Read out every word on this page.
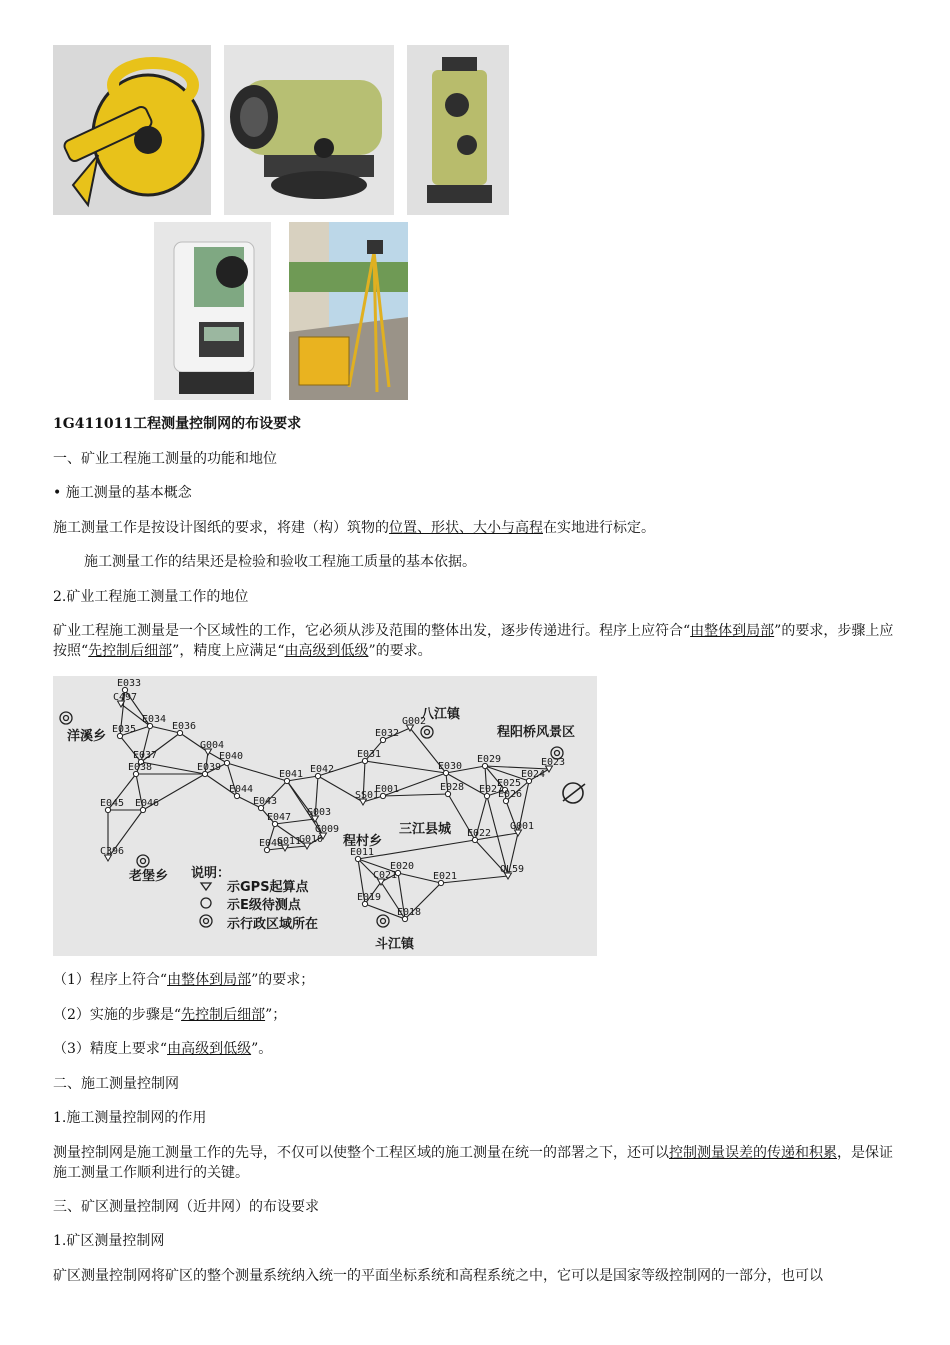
1G411011工程测量控制网的布设要求
一、矿业工程施工测量的功能和地位
• 施工测量的基本概念
施工测量工作是按设计图纸的要求，将建（构）筑物的位置、形状、大小与高程在实地进行标定。
施工测量工作的结果还是检验和验收工程施工质量的基本依据。
2.矿业工程施工测量工作的地位
矿业工程施工测量是一个区域性的工作，它必须从涉及范围的整体出发，逐步传递进行。程序上应符合“由整体到局部”的要求，步骤上应按照“先控制后细部”，精度上应满足“由高级到低级”的要求。
C497
E033
E034
E036
E035
E037
E038
G004
E040
E039
E045 E046
C396
E044
E041 E042
E043
E047
E048
G011
G010
G009
G003
SS01
E001
E031
E032
G002
E030
E029	E023
E024
E028 E027
E026
E025
G001
E022
E011
E020
C021	E021
QL59
E019
E018
八江镇
洋溪乡	程阳桥风景区
三江县城
程村乡
老堡乡
斗江镇
说明：
示GPS起算点
示E级待测点
示行政区域所在
（1）程序上符合“由整体到局部”的要求；
（2）实施的步骤是“先控制后细部”；
（3）精度上要求“由高级到低级”。
二、施工测量控制网
1.施工测量控制网的作用
测量控制网是施工测量工作的先导，不仅可以使整个工程区域的施工测量在统一的部署之下，还可以控制测量误差的传递和积累，是保证施工测量工作顺利进行的关键。
三、矿区测量控制网（近井网）的布设要求
1.矿区测量控制网
矿区测量控制网将矿区的整个测量系统纳入统一的平面坐标系统和高程系统之中，它可以是国家等级控制网的一部分，也可以
